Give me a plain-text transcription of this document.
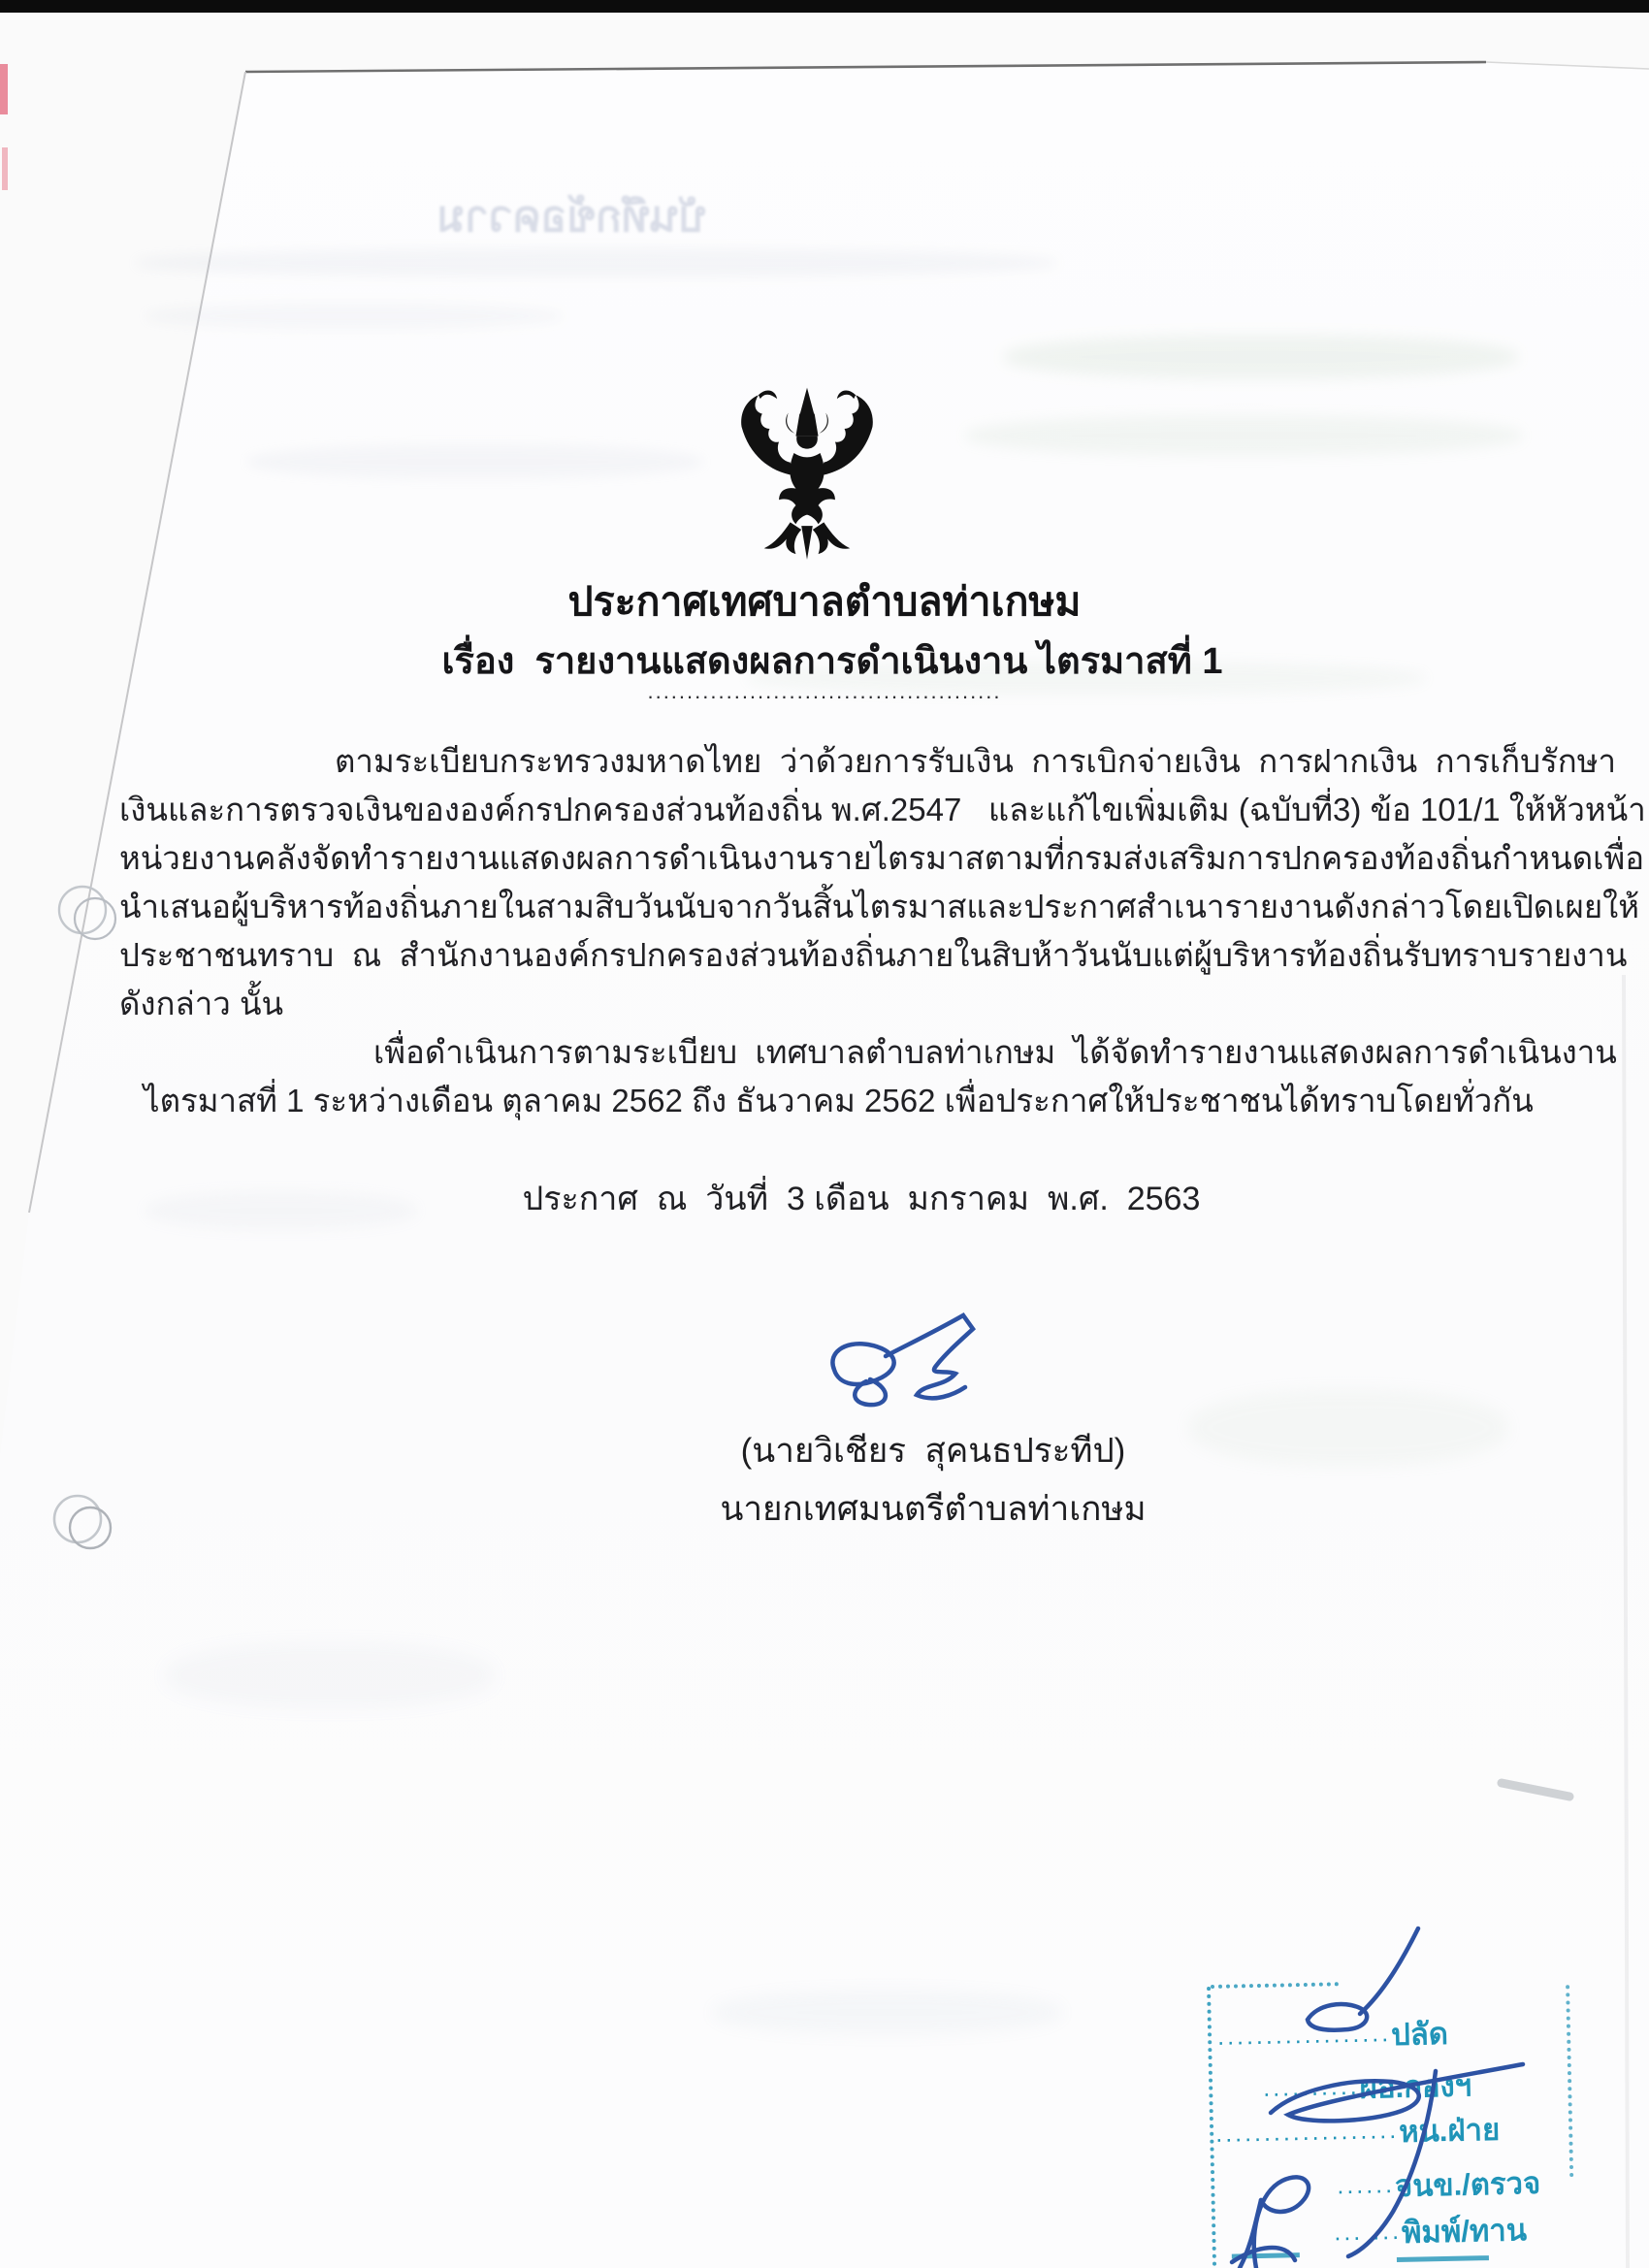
บันทึกข้อความ
ประกาศเทศบาลตำบลท่าเกษม
เรื่อง  รายงานแสดงผลการดำเนินงาน ไตรมาสที่ 1
.............................................
ตามระเบียบกระทรวงมหาดไทย  ว่าด้วยการรับเงิน  การเบิกจ่ายเงิน  การฝากเงิน  การเก็บรักษา
เงินและการตรวจเงินขององค์กรปกครองส่วนท้องถิ่น พ.ศ.2547   และแก้ไขเพิ่มเติม (ฉบับที่3) ข้อ 101/1 ให้หัวหน้า
หน่วยงานคลังจัดทำรายงานแสดงผลการดำเนินงานรายไตรมาสตามที่กรมส่งเสริมการปกครองท้องถิ่นกำหนดเพื่อ
นำเสนอผู้บริหารท้องถิ่นภายในสามสิบวันนับจากวันสิ้นไตรมาสและประกาศสำเนารายงานดังกล่าวโดยเปิดเผยให้
ประชาชนทราบ  ณ  สำนักงานองค์กรปกครองส่วนท้องถิ่นภายในสิบห้าวันนับแต่ผู้บริหารท้องถิ่นรับทราบรายงาน
ดังกล่าว นั้น
เพื่อดำเนินการตามระเบียบ  เทศบาลตำบลท่าเกษม  ได้จัดทำรายงานแสดงผลการดำเนินงาน
ไตรมาสที่ 1 ระหว่างเดือน ตุลาคม 2562 ถึง ธันวาคม 2562 เพื่อประกาศให้ประชาชนได้ทราบโดยทั่วกัน
ประกาศ  ณ  วันที่  3 เดือน  มกราคม  พ.ศ.  2563
(นายวิเชียร  สุคนธประทีป)
นายกเทศมนตรีตำบลท่าเกษม
..................ปลัด
..........ผอ.กองฯ
...................หน.ฝ่าย
......จนข./ตรวจ
... ...พิมพ์/ทาน
